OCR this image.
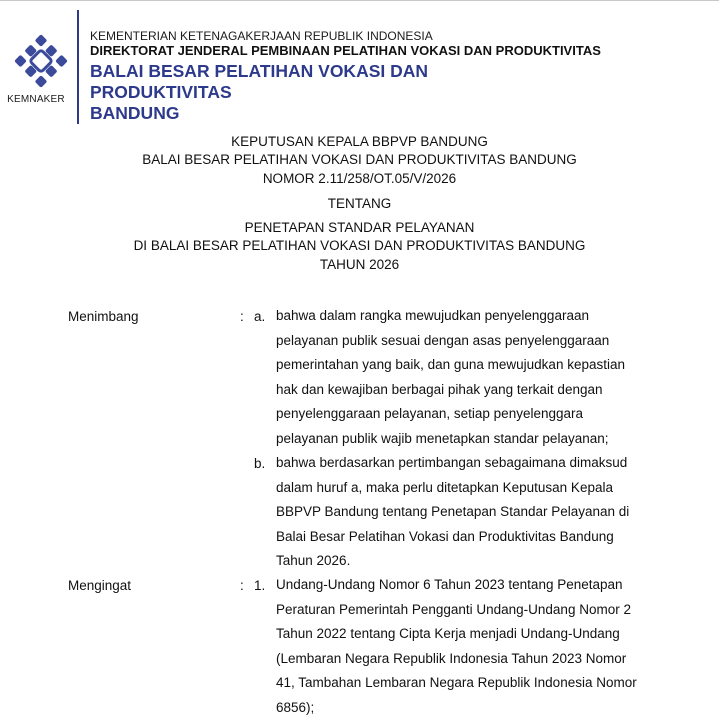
KEMNAKER
KEMENTERIAN KETENAGAKERJAAN REPUBLIK INDONESIA
DIREKTORAT JENDERAL PEMBINAAN PELATIHAN VOKASI DAN PRODUKTIVITAS
BALAI BESAR PELATIHAN VOKASI DAN PRODUKTIVITAS
BANDUNG
KEPUTUSAN KEPALA BBPVP BANDUNG
BALAI BESAR PELATIHAN VOKASI DAN PRODUKTIVITAS BANDUNG
NOMOR 2.11/258/OT.05/V/2026
TENTANG
PENETAPAN STANDAR PELAYANAN
DI BALAI BESAR PELATIHAN VOKASI DAN PRODUKTIVITAS BANDUNG
TAHUN 2026
Menimbang	: a. bahwa dalam rangka mewujudkan penyelenggaraan
pelayanan publik sesuai dengan asas penyelenggaraan
pemerintahan yang baik, dan guna mewujudkan kepastian
hak dan kewajiban berbagai pihak yang terkait dengan
penyelenggaraan pelayanan, setiap penyelenggara
pelayanan publik wajib menetapkan standar pelayanan;
b. bahwa berdasarkan pertimbangan sebagaimana dimaksud
dalam huruf a, maka perlu ditetapkan Keputusan Kepala
BBPVP Bandung tentang Penetapan Standar Pelayanan di
Balai Besar Pelatihan Vokasi dan Produktivitas Bandung
Tahun 2026.
Mengingat	: 1. Undang-Undang Nomor 6 Tahun 2023 tentang Penetapan
Peraturan Pemerintah Pengganti Undang-Undang Nomor 2
Tahun 2022 tentang Cipta Kerja menjadi Undang-Undang
(Lembaran Negara Republik Indonesia Tahun 2023 Nomor
41, Tambahan Lembaran Negara Republik Indonesia Nomor
6856);
